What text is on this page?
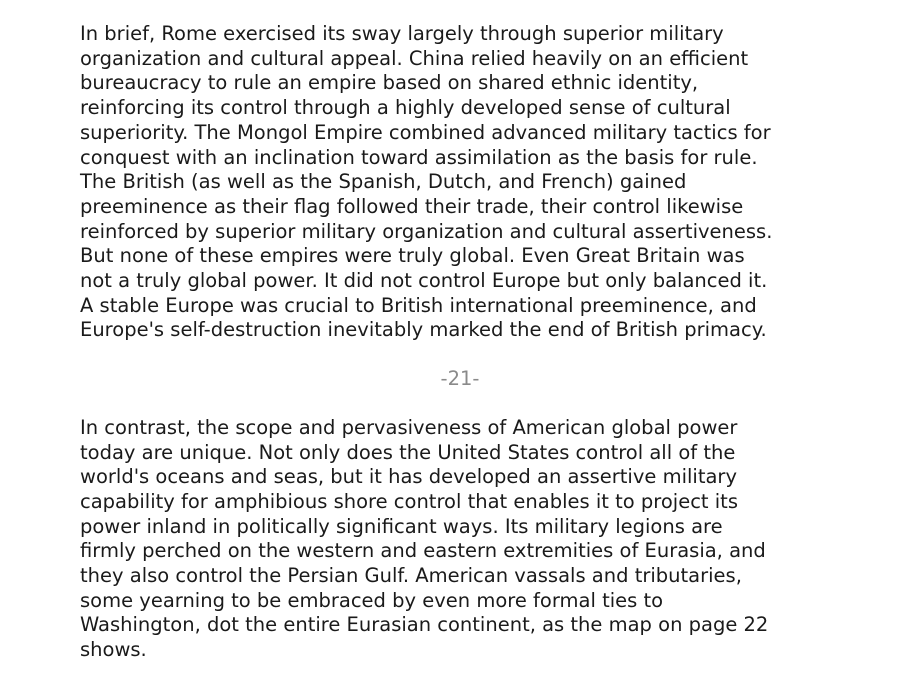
In brief, Rome exercised its sway largely through superior military
organization and cultural appeal. China relied heavily on an efficient
bureaucracy to rule an empire based on shared ethnic identity,
reinforcing its control through a highly developed sense of cultural
superiority. The Mongol Empire combined advanced military tactics for
conquest with an inclination toward assimilation as the basis for rule.
The British (as well as the Spanish, Dutch, and French) gained
preeminence as their flag followed their trade, their control likewise
reinforced by superior military organization and cultural assertiveness.
But none of these empires were truly global. Even Great Britain was
not a truly global power. It did not control Europe but only balanced it.
A stable Europe was crucial to British international preeminence, and
Europe's self-destruction inevitably marked the end of British primacy.

-21-

In contrast, the scope and pervasiveness of American global power
today are unique. Not only does the United States control all of the
world's oceans and seas, but it has developed an assertive military
capability for amphibious shore control that enables it to project its
power inland in politically significant ways. Its military legions are
firmly perched on the western and eastern extremities of Eurasia, and
they also control the Persian Gulf. American vassals and tributaries,
some yearning to be embraced by even more formal ties to
Washington, dot the entire Eurasian continent, as the map on page 22
shows.
